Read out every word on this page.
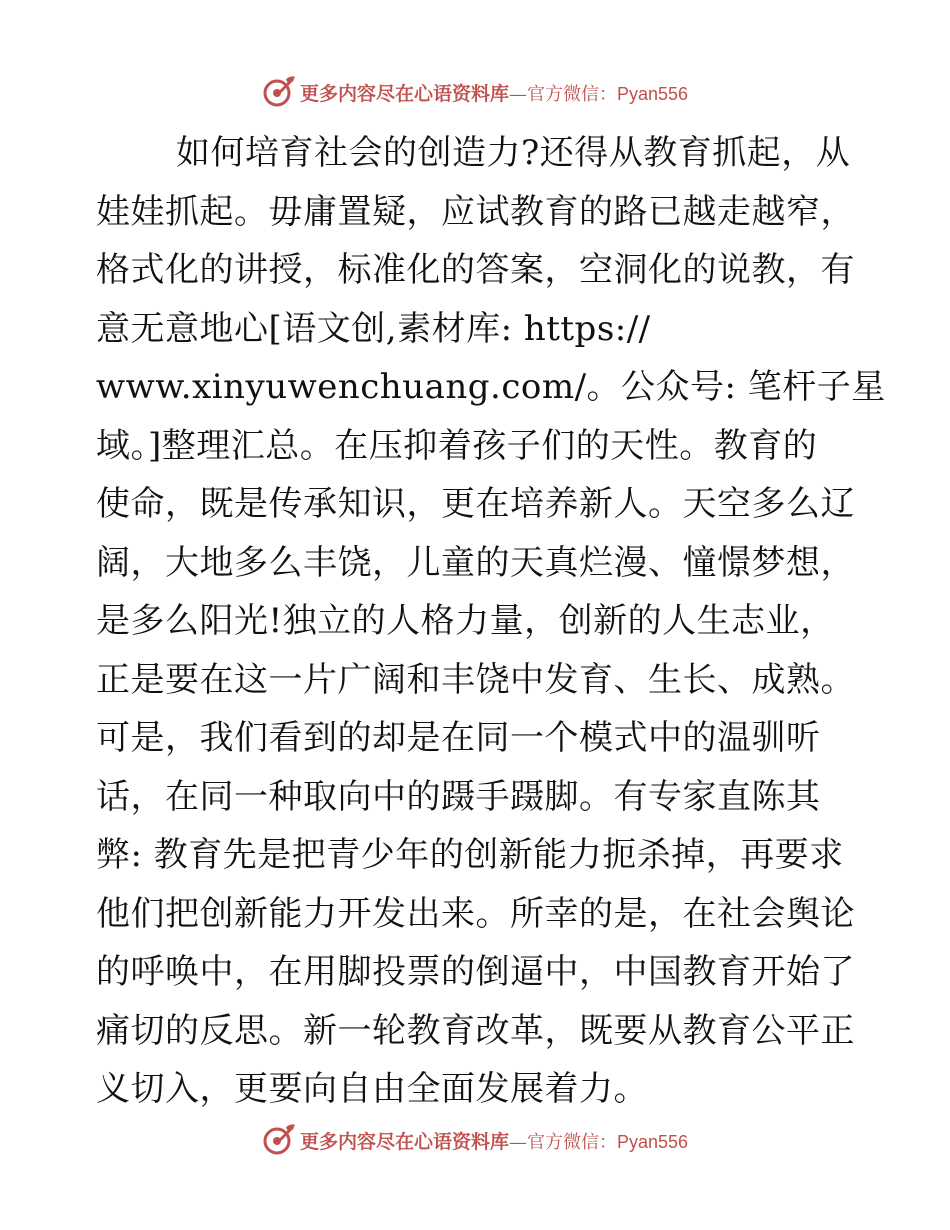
更多内容尽在心语资料库 — 官方微信： Pyan556
如何培育社会的创造力?还得从教育抓起，从
娃娃抓起。毋庸置疑，应试教育的路已越走越窄，
格式化的讲授，标准化的答案，空洞化的说教，有
意无意地心[语文创,素材库: https://
www.xinyuwenchuang.com/。公众号: 笔杆子星
域。]整理汇总。在压抑着孩子们的天性。教育的
使命，既是传承知识，更在培养新人。天空多么辽
阔，大地多么丰饶，儿童的天真烂漫、憧憬梦想，
是多么阳光!独立的人格力量，创新的人生志业，
正是要在这一片广阔和丰饶中发育、生长、成熟。
可是，我们看到的却是在同一个模式中的温驯听
话，在同一种取向中的蹑手蹑脚。有专家直陈其
弊: 教育先是把青少年的创新能力扼杀掉，再要求
他们把创新能力开发出来。所幸的是，在社会舆论
的呼唤中，在用脚投票的倒逼中，中国教育开始了
痛切的反思。新一轮教育改革，既要从教育公平正
义切入，更要向自由全面发展着力。
更多内容尽在心语资料库 — 官方微信： Pyan556
